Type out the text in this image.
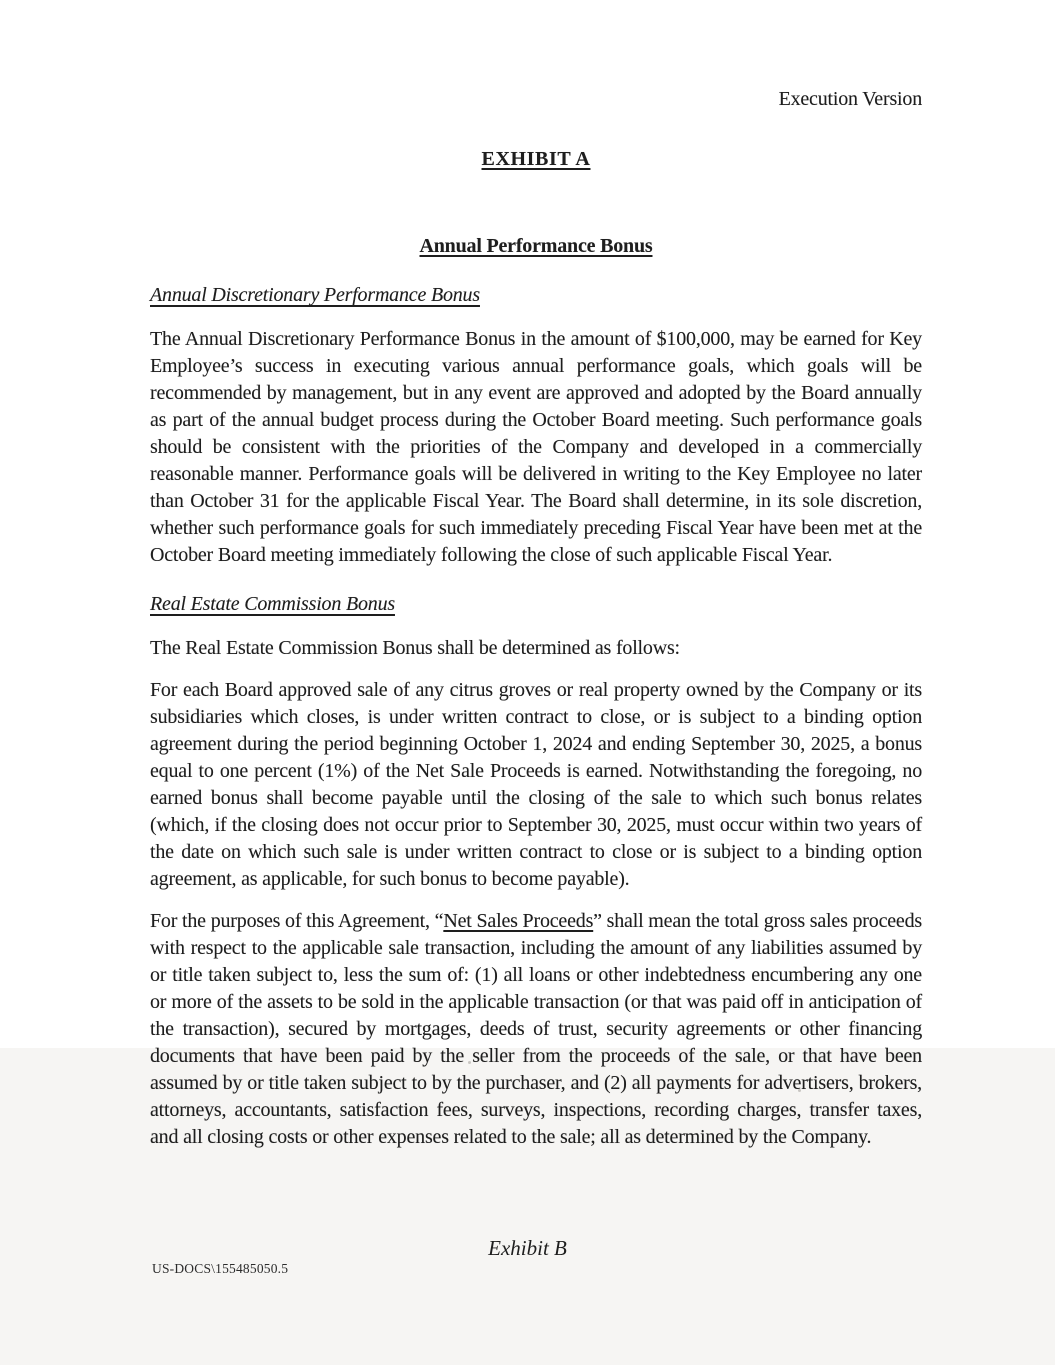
Execution Version
EXHIBIT A
Annual Performance Bonus
Annual Discretionary Performance Bonus

The Annual Discretionary Performance Bonus in the amount of $100,000, may be earned for Key Employee’s success in executing various annual performance goals, which goals will be recommended by management, but in any event are approved and adopted by the Board annually as part of the annual budget process during the October Board meeting. Such performance goals should be consistent with the priorities of the Company and developed in a commercially reasonable manner. Performance goals will be delivered in writing to the Key Employee no later than October 31 for the applicable Fiscal Year. The Board shall determine, in its sole discretion, whether such performance goals for such immediately preceding Fiscal Year have been met at the October Board meeting immediately following the close of such applicable Fiscal Year.

Real Estate Commission Bonus

The Real Estate Commission Bonus shall be determined as follows:

For each Board approved sale of any citrus groves or real property owned by the Company or its subsidiaries which closes, is under written contract to close, or is subject to a binding option agreement during the period beginning October 1, 2024 and ending September 30, 2025, a bonus equal to one percent (1%) of the Net Sale Proceeds is earned. Notwithstanding the foregoing, no earned bonus shall become payable until the closing of the sale to which such bonus relates (which, if the closing does not occur prior to September 30, 2025, must occur within two years of the date on which such sale is under written contract to close or is subject to a binding option agreement, as applicable, for such bonus to become payable).

For the purposes of this Agreement, “Net Sales Proceeds” shall mean the total gross sales proceeds with respect to the applicable sale transaction, including the amount of any liabilities assumed by or title taken subject to, less the sum of: (1) all loans or other indebtedness encumbering any one or more of the assets to be sold in the applicable transaction (or that was paid off in anticipation of the transaction), secured by mortgages, deeds of trust, security agreements or other financing documents that have been paid by the seller from the proceeds of the sale, or that have been assumed by or title taken subject to by the purchaser, and (2) all payments for advertisers, brokers, attorneys, accountants, satisfaction fees, surveys, inspections, recording charges, transfer taxes, and all closing costs or other expenses related to the sale; all as determined by the Company.

Exhibit B
US-DOCS\155485050.5
